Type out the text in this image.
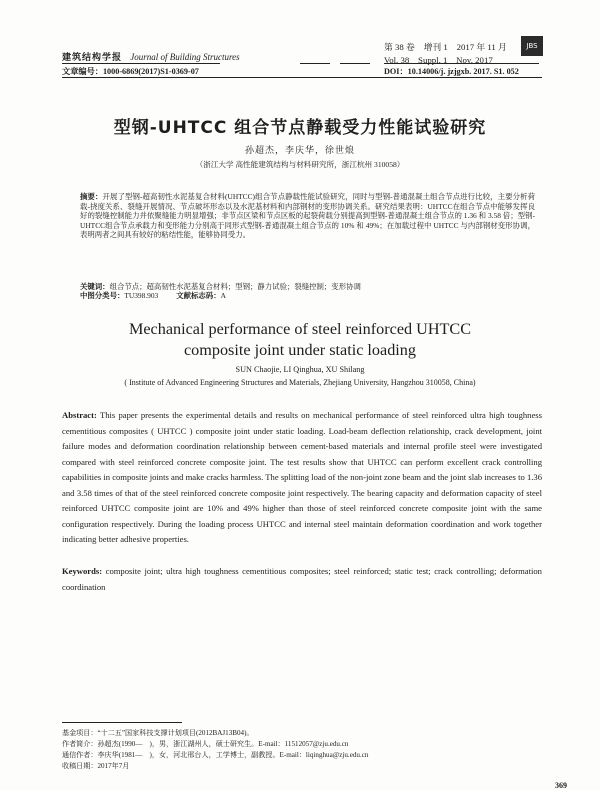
建筑结构学报 Journal of Building Structures
文章编号：1000-6869(2017)S1-0369-07
第 38 卷　增刊 1　2017 年 11 月
Vol. 38　Suppl. 1　Nov. 2017
DOI：10.14006/j. jzjgxb. 2017. S1. 052
JBS
型钢-UHTCC 组合节点静载受力性能试验研究
孙超杰，李庆华，徐世烺
（浙江大学 高性能建筑结构与材料研究所，浙江杭州 310058）
摘要：开展了型钢-超高韧性水泥基复合材料(UHTCC)组合节点静载性能试验研究，同时与型钢-普通混凝土组合节点进行比较，主要分析荷载-挠度关系、裂缝开展情况、节点破坏形态以及水泥基材料和内部钢材的变形协调关系。研究结果表明：UHTCC在组合节点中能够发挥良好的裂缝控制能力并依聚缝能力明显增强；非节点区梁和节点区板的起裂荷载分别提高到型钢-普通混凝土组合节点的 1.36 和 3.58 倍；型钢-UHTCC组合节点承载力和变形能力分别高于同形式型钢-普通混凝土组合节点的 10% 和 49%；在加载过程中 UHTCC 与内部钢材变形协调，表明两者之间具有较好的粘结性能，能够协同受力。
关键词：组合节点；超高韧性水泥基复合材料；型钢；静力试验；裂缝控制；变形协调
中图分类号：TU398.903 文献标志码：A
Mechanical performance of steel reinforced UHTCC
composite joint under static loading
SUN Chaojie, LI Qinghua, XU Shilang
( Institute of Advanced Engineering Structures and Materials, Zhejiang University, Hangzhou 310058, China)
Abstract: This paper presents the experimental details and results on mechanical performance of steel reinforced ultra high toughness cementitious composites ( UHTCC ) composite joint under static loading. Load-beam deflection relationship, crack development, joint failure modes and deformation coordination relationship between cement-based materials and internal profile steel were investigated compared with steel reinforced concrete composite joint. The test results show that UHTCC can perform excellent crack controlling capabilities in composite joints and make cracks harmless. The splitting load of the non-joint zone beam and the joint slab increases to 1.36 and 3.58 times of that of the steel reinforced concrete composite joint respectively. The bearing capacity and deformation capacity of steel reinforced UHTCC composite joint are 10% and 49% higher than those of steel reinforced concrete composite joint with the same configuration respectively. During the loading process UHTCC and internal steel maintain deformation coordination and work together indicating better adhesive properties.
Keywords: composite joint; ultra high toughness cementitious composites; steel reinforced; static test; crack controlling; deformation coordination
基金项目：“十二五”国家科技支撑计划项目(2012BAJ13B04)。
作者简介：孙超杰(1990—　)，男，浙江湖州人，硕士研究生。E-mail：11512057@zju.edu.cn
通信作者：李庆华(1981—　)，女，河北邢台人，工学博士，副教授。E-mail：liqinghua@zju.edu.cn
收稿日期：2017年7月
369
